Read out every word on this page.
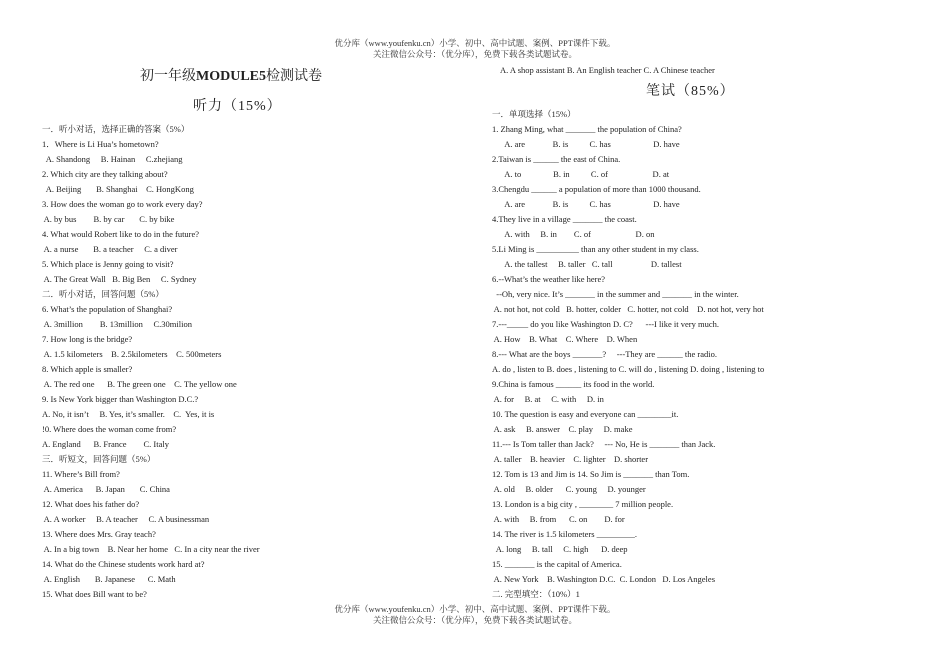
优分库（www.youfenku.cn）小学、初中、高中试题、案例、PPT课件下载。
关注微信公众号：（优分库），免费下载各类试题试卷。
初一年级MODULE5检测试卷
听力（15%）
一．听小对话，选择正确的答案（5%）
1．Where is Li Hua’s hometown?
A. Shandong     B. Hainan     C.zhejiang
2. Which city are they talking about?
A. Beijing       B. Shanghai    C. HongKong
3. How does the woman go to work every day?
A. by bus        B. by car       C. by bike
4. What would Robert like to do in the future?
A. a nurse       B. a teacher     C. a diver
5. Which place is Jenny going to visit?
A. The Great Wall   B. Big Ben     C. Sydney
二．听小对话，回答问题（5%）
6. What’s the population of Shanghai?
A. 3million        B. 13million     C.30milion
7. How long is the bridge?
A. 1.5 kilometers    B. 2.5kilometers    C. 500meters
8. Which apple is smaller?
A. The red one      B. The green one    C. The yellow one
9. Is New York bigger than Washington D.C.?
A. No, it isn’t     B. Yes, it’s smaller.    C.  Yes, it is
!0. Where does the woman come from?
A. England      B. France        C. Italy
三．听短文，回答问题（5%）
11. Where’s Bill from?
A. America      B. Japan       C. China
12. What does his father do?
A. A worker     B. A teacher     C. A businessman
13. Where does Mrs. Gray teach?
A. In a big town    B. Near her home   C. In a city near the river
14. What do the Chinese students work hard at?
A. English       B. Japanese      C. Math
15. What does Bill want to be?
A. A shop assistant B. An English teacher C. A Chinese teacher
笔试（85%）
一．单项选择（15%）
1. Zhang Ming, what _______ the population of China?
A. are             B. is          C. has                    D. have
2.Taiwan is ______ the east of China.
A. to               B. in          C. of                     D. at
3.Chengdu ______ a population of more than 1000 thousand.
A. are             B. is          C. has                    D. have
4.They live in a village _______ the coast.
A. with     B. in        C. of                     D. on
5.Li Ming is __________ than any other student in my class.
A. the tallest     B. taller   C. tall                  D. tallest
6.--What’s the weather like here?
--Oh, very nice. It’s _______ in the summer and _______ in the winter.
A. not hot, not cold   B. hotter, colder   C. hotter, not cold    D. not hot, very hot
7.---_____ do you like Washington D. C?      ---I like it very much.
A. How    B. What    C. Where    D. When
8.--- What are the boys _______?     ---They are ______ the radio.
A. do , listen to B. does , listening to C. will do , listening D. doing , listening to
9.China is famous ______ its food in the world.
A. for     B. at     C. with     D. in
10. The question is easy and everyone can ________it.
A. ask     B. answer    C. play     D. make
11.--- Is Tom taller than Jack?     --- No, He is _______ than Jack.
A. taller    B. heavier    C. lighter    D. shorter
12. Tom is 13 and Jim is 14. So Jim is _______ than Tom.
A. old     B. older      C. young     D. younger
13. London is a big city , ________ 7 million people.
A. with     B. from      C. on        D. for
14. The river is 1.5 kilometers _________.
A. long     B. tall     C. high      D. deep
15. _______ is the capital of America.
A. New York    B. Washington D.C.  C. London   D. Los Angeles
二. 完型填空：（10%）1
优分库（www.youfenku.cn）小学、初中、高中试题、案例、PPT课件下载。
关注微信公众号：（优分库），免费下载各类试题试卷。
